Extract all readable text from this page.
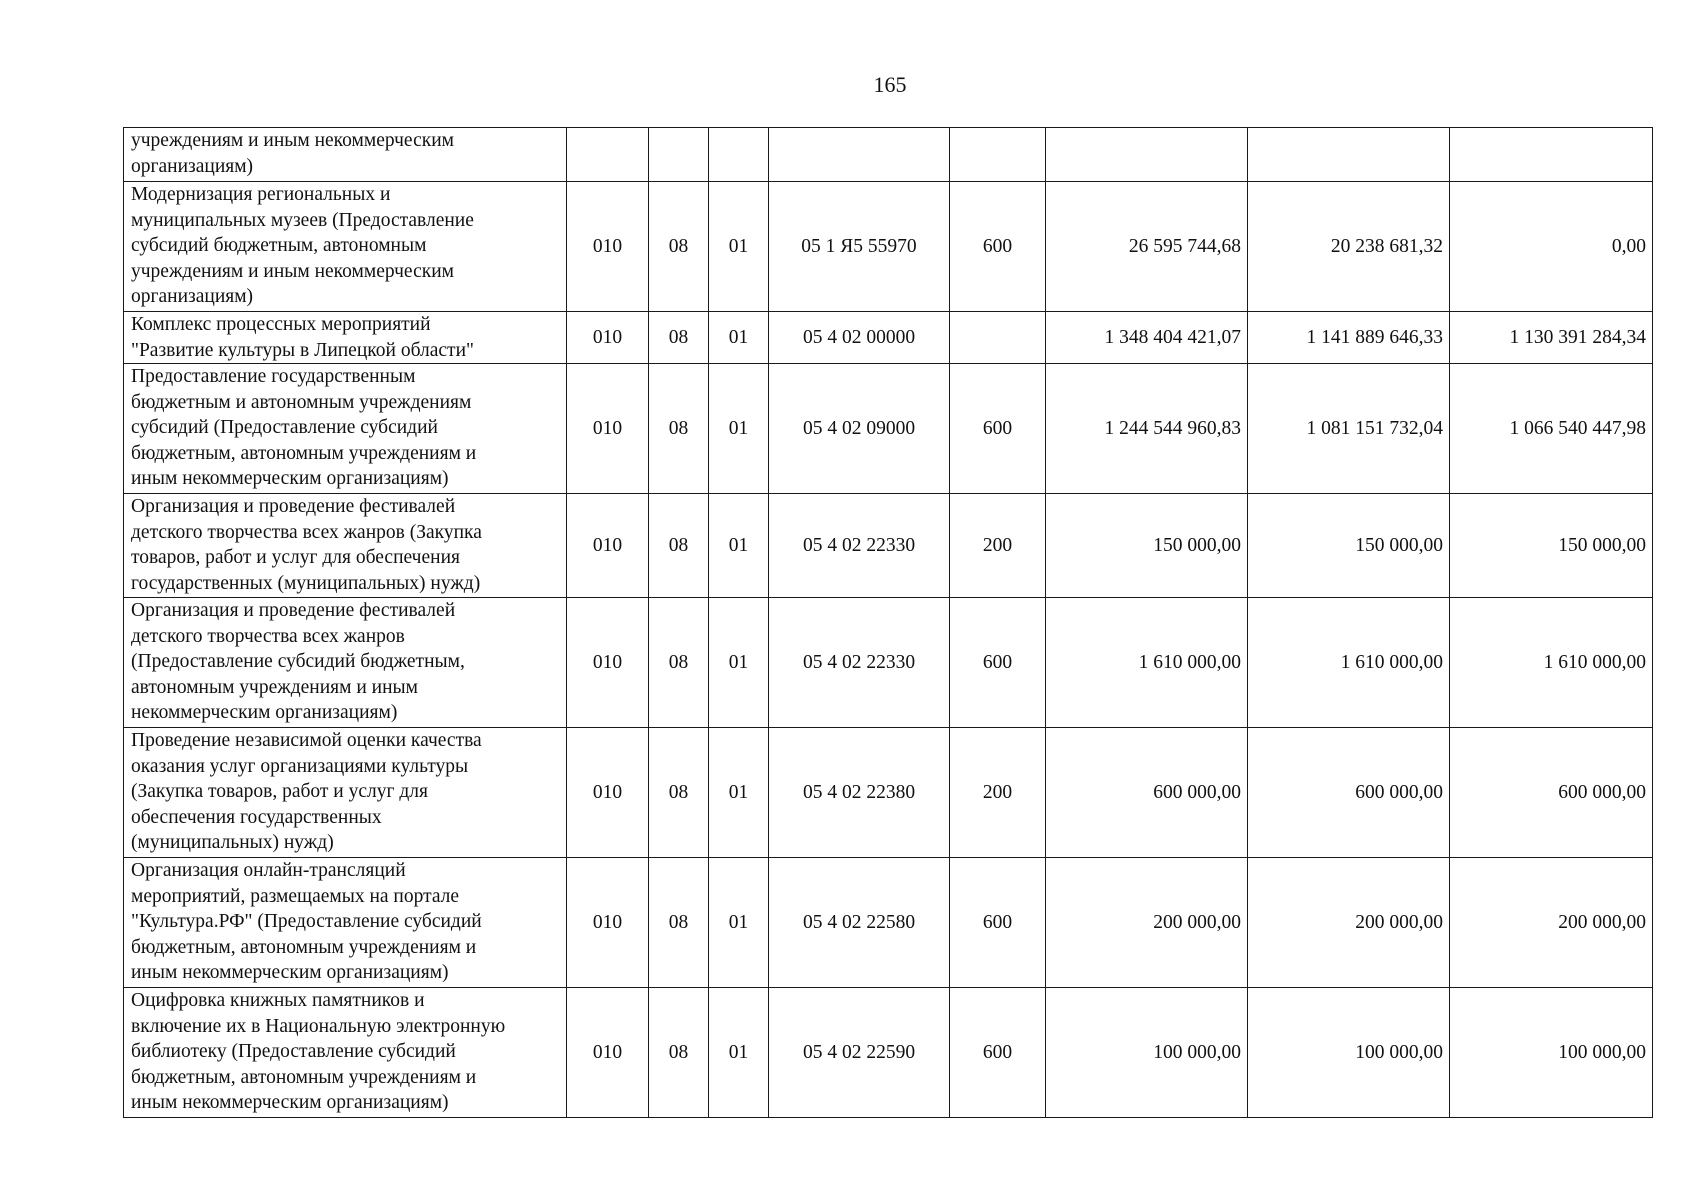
165
учреждениям и иным некоммерческим
организациям)								
Модернизация региональных и
муниципальных музеев (Предоставление
субсидий бюджетным, автономным
учреждениям и иным некоммерческим
организациям)	010	08	01	05 1 Я5 55970	600	26 595 744,68	20 238 681,32	0,00
Комплекс процессных мероприятий
"Развитие культуры в Липецкой области"	010	08	01	05 4 02 00000		1 348 404 421,07	1 141 889 646,33	1 130 391 284,34
Предоставление государственным
бюджетным и автономным учреждениям
субсидий (Предоставление субсидий
бюджетным, автономным учреждениям и
иным некоммерческим организациям)	010	08	01	05 4 02 09000	600	1 244 544 960,83	1 081 151 732,04	1 066 540 447,98
Организация и проведение фестивалей
детского творчества всех жанров (Закупка
товаров, работ и услуг для обеспечения
государственных (муниципальных) нужд)	010	08	01	05 4 02 22330	200	150 000,00	150 000,00	150 000,00
Организация и проведение фестивалей
детского творчества всех жанров
(Предоставление субсидий бюджетным,
автономным учреждениям и иным
некоммерческим организациям)	010	08	01	05 4 02 22330	600	1 610 000,00	1 610 000,00	1 610 000,00
Проведение независимой оценки качества
оказания услуг организациями культуры
(Закупка товаров, работ и услуг для
обеспечения государственных
(муниципальных) нужд)	010	08	01	05 4 02 22380	200	600 000,00	600 000,00	600 000,00
Организация онлайн-трансляций
мероприятий, размещаемых на портале
"Культура.РФ" (Предоставление субсидий
бюджетным, автономным учреждениям и
иным некоммерческим организациям)	010	08	01	05 4 02 22580	600	200 000,00	200 000,00	200 000,00
Оцифровка книжных памятников и
включение их в Национальную электронную
библиотеку (Предоставление субсидий
бюджетным, автономным учреждениям и
иным некоммерческим организациям)	010	08	01	05 4 02 22590	600	100 000,00	100 000,00	100 000,00
